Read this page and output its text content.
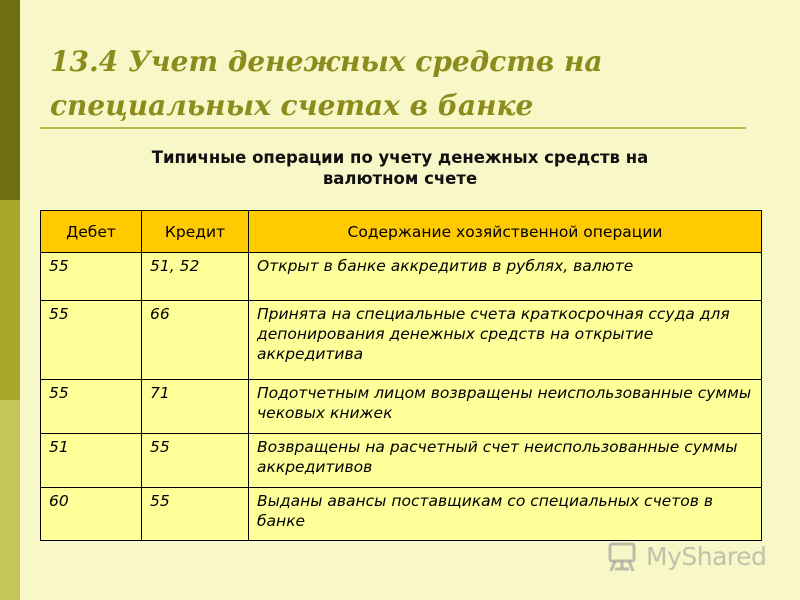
13.4 Учет денежных средств на
специальных счетах в банке
Типичные операции по учету денежных средств на
валютном счете
Дебет	Кредит	Содержание хозяйственной операции
55	51, 52	Открыт в банке аккредитив в рублях, валюте
55	66	Принята на специальные счета краткосрочная ссуда для депонирования денежных средств на открытие аккредитива
55	71	Подотчетным лицом возвращены неиспользованные суммы чековых книжек
51	55	Возвращены на расчетный счет неиспользованные суммы аккредитивов
60	55	Выданы авансы поставщикам со специальных счетов в банке
MyShared
